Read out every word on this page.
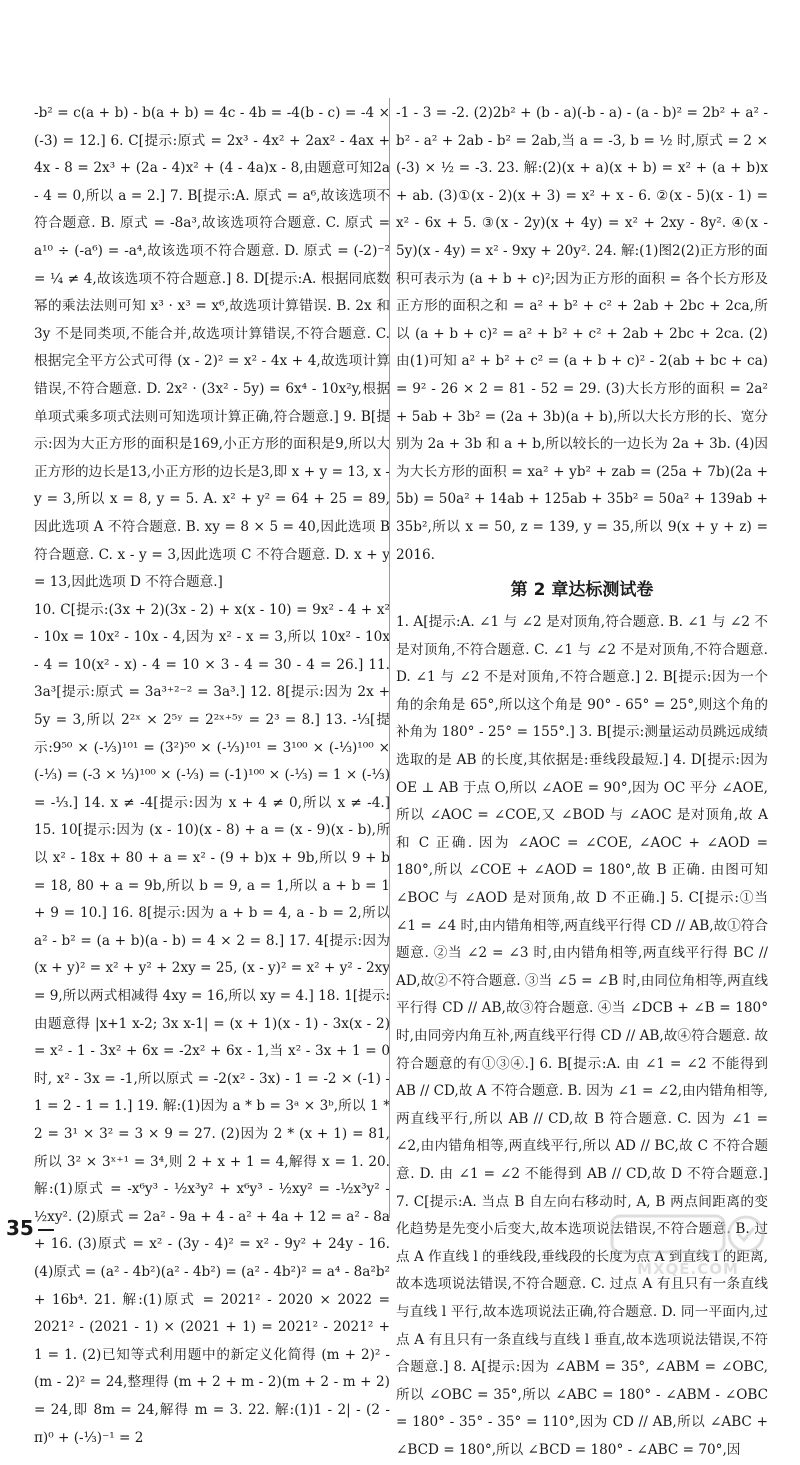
-b² = c(a + b) - b(a + b) = 4c - 4b = -4(b - c) = -4 × (-3) = 12.] 6. C[提示:原式 = 2x³ - 4x² + 2ax² - 4ax + 4x - 8 = 2x³ + (2a - 4)x² + (4 - 4a)x - 8,由题意可知2a - 4 = 0,所以 a = 2.] 7. B[提示:A. 原式 = a⁶,故该选项不符合题意. B. 原式 = -8a³,故该选项符合题意. C. 原式 = a¹⁰ ÷ (-a⁶) = -a⁴,故该选项不符合题意. D. 原式 = (-2)⁻² = ¼ ≠ 4,故该选项不符合题意.] 8. D[提示:A. 根据同底数幂的乘法法则可知 x³ · x³ = x⁶,故选项计算错误. B. 2x 和 3y 不是同类项,不能合并,故选项计算错误,不符合题意. C. 根据完全平方公式可得 (x - 2)² = x² - 4x + 4,故选项计算错误,不符合题意. D. 2x² · (3x² - 5y) = 6x⁴ - 10x²y,根据单项式乘多项式法则可知选项计算正确,符合题意.] 9. B[提示:因为大正方形的面积是169,小正方形的面积是9,所以大正方形的边长是13,小正方形的边长是3,即 x + y = 13, x - y = 3,所以 x = 8, y = 5. A. x² + y² = 64 + 25 = 89,因此选项 A 不符合题意. B. xy = 8 × 5 = 40,因此选项 B 符合题意. C. x - y = 3,因此选项 C 不符合题意. D. x + y = 13,因此选项 D 不符合题意.]

10. C[提示:(3x + 2)(3x - 2) + x(x - 10) = 9x² - 4 + x² - 10x = 10x² - 10x - 4,因为 x² - x = 3,所以 10x² - 10x - 4 = 10(x² - x) - 4 = 10 × 3 - 4 = 30 - 4 = 26.] 11. 3a³[提示:原式 = 3a³⁺²⁻² = 3a³.] 12. 8[提示:因为 2x + 5y = 3,所以 2²ˣ × 2⁵ʸ = 2²ˣ⁺⁵ʸ = 2³ = 8.] 13. -⅓[提示:9⁵⁰ × (-⅓)¹⁰¹ = (3²)⁵⁰ × (-⅓)¹⁰¹ = 3¹⁰⁰ × (-⅓)¹⁰⁰ × (-⅓) = (-3 × ⅓)¹⁰⁰ × (-⅓) = (-1)¹⁰⁰ × (-⅓) = 1 × (-⅓) = -⅓.] 14. x ≠ -4[提示:因为 x + 4 ≠ 0,所以 x ≠ -4.] 15. 10[提示:因为 (x - 10)(x - 8) + a = (x - 9)(x - b),所以 x² - 18x + 80 + a = x² - (9 + b)x + 9b,所以 9 + b = 18, 80 + a = 9b,所以 b = 9, a = 1,所以 a + b = 1 + 9 = 10.] 16. 8[提示:因为 a + b = 4, a - b = 2,所以 a² - b² = (a + b)(a - b) = 4 × 2 = 8.] 17. 4[提示:因为 (x + y)² = x² + y² + 2xy = 25, (x - y)² = x² + y² - 2xy = 9,所以两式相减得 4xy = 16,所以 xy = 4.] 18. 1[提示:由题意得 |x+1 x-2; 3x x-1| = (x + 1)(x - 1) - 3x(x - 2) = x² - 1 - 3x² + 6x = -2x² + 6x - 1,当 x² - 3x + 1 = 0 时, x² - 3x = -1,所以原式 = -2(x² - 3x) - 1 = -2 × (-1) - 1 = 2 - 1 = 1.] 19. 解:(1)因为 a * b = 3ᵃ × 3ᵇ,所以 1 * 2 = 3¹ × 3² = 3 × 9 = 27. (2)因为 2 * (x + 1) = 81,所以 3² × 3ˣ⁺¹ = 3⁴,则 2 + x + 1 = 4,解得 x = 1. 20. 解:(1)原式 = -x⁶y³ - ½x³y² + x⁶y³ - ½xy² = -½x³y² - ½xy². (2)原式 = 2a² - 9a + 4 - a² + 4a + 12 = a² - 8a + 16. (3)原式 = x² - (3y - 4)² = x² - 9y² + 24y - 16. (4)原式 = (a² - 4b²)(a² - 4b²) = (a² - 4b²)² = a⁴ - 8a²b² + 16b⁴. 21. 解:(1)原式 = 2021² - 2020 × 2022 = 2021² - (2021 - 1) × (2021 + 1) = 2021² - 2021² + 1 = 1. (2)已知等式利用题中的新定义化简得 (m + 2)² - (m - 2)² = 24,整理得 (m + 2 + m - 2)(m + 2 - m + 2) = 24,即 8m = 24,解得 m = 3. 22. 解:(1)1 - 2| - (2 - π)⁰ + (-⅓)⁻¹ = 2

-1 - 3 = -2. (2)2b² + (b - a)(-b - a) - (a - b)² = 2b² + a² - b² - a² + 2ab - b² = 2ab,当 a = -3, b = ½ 时,原式 = 2 × (-3) × ½ = -3. 23. 解:(2)(x + a)(x + b) = x² + (a + b)x + ab. (3)①(x - 2)(x + 3) = x² + x - 6. ②(x - 5)(x - 1) = x² - 6x + 5. ③(x - 2y)(x + 4y) = x² + 2xy - 8y². ④(x - 5y)(x - 4y) = x² - 9xy + 20y². 24. 解:(1)图2(2)正方形的面积可表示为 (a + b + c)²;因为正方形的面积 = 各个长方形及正方形的面积之和 = a² + b² + c² + 2ab + 2bc + 2ca,所以 (a + b + c)² = a² + b² + c² + 2ab + 2bc + 2ca. (2)由(1)可知 a² + b² + c² = (a + b + c)² - 2(ab + bc + ca) = 9² - 26 × 2 = 81 - 52 = 29. (3)大长方形的面积 = 2a² + 5ab + 3b² = (2a + 3b)(a + b),所以大长方形的长、宽分别为 2a + 3b 和 a + b,所以较长的一边长为 2a + 3b. (4)因为大长方形的面积 = xa² + yb² + zab = (25a + 7b)(2a + 5b) = 50a² + 14ab + 125ab + 35b² = 50a² + 139ab + 35b²,所以 x = 50, z = 139, y = 35,所以 9(x + y + z) = 2016.

第 2 章达标测试卷

1. A[提示:A. ∠1 与 ∠2 是对顶角,符合题意. B. ∠1 与 ∠2 不是对顶角,不符合题意. C. ∠1 与 ∠2 不是对顶角,不符合题意. D. ∠1 与 ∠2 不是对顶角,不符合题意.] 2. B[提示:因为一个角的余角是 65°,所以这个角是 90° - 65° = 25°,则这个角的补角为 180° - 25° = 155°.] 3. B[提示:测量运动员跳远成绩选取的是 AB 的长度,其依据是:垂线段最短.] 4. D[提示:因为 OE ⊥ AB 于点 O,所以 ∠AOE = 90°,因为 OC 平分 ∠AOE,所以 ∠AOC = ∠COE,又 ∠BOD 与 ∠AOC 是对顶角,故 A 和 C 正确. 因为 ∠AOC = ∠COE, ∠AOC + ∠AOD = 180°,所以 ∠COE + ∠AOD = 180°,故 B 正确. 由图可知 ∠BOC 与 ∠AOD 是对顶角,故 D 不正确.] 5. C[提示:①当 ∠1 = ∠4 时,由内错角相等,两直线平行得 CD // AB,故①符合题意. ②当 ∠2 = ∠3 时,由内错角相等,两直线平行得 BC // AD,故②不符合题意. ③当 ∠5 = ∠B 时,由同位角相等,两直线平行得 CD // AB,故③符合题意. ④当 ∠DCB + ∠B = 180° 时,由同旁内角互补,两直线平行得 CD // AB,故④符合题意. 故符合题意的有①③④.] 6. B[提示:A. 由 ∠1 = ∠2 不能得到 AB // CD,故 A 不符合题意. B. 因为 ∠1 = ∠2,由内错角相等,两直线平行,所以 AB // CD,故 B 符合题意. C. 因为 ∠1 = ∠2,由内错角相等,两直线平行,所以 AD // BC,故 C 不符合题意. D. 由 ∠1 = ∠2 不能得到 AB // CD,故 D 不符合题意.] 7. C[提示:A. 当点 B 自左向右移动时, A, B 两点间距离的变化趋势是先变小后变大,故本选项说法错误,不符合题意. B. 过点 A 作直线 l 的垂线段,垂线段的长度为点 A 到直线 l 的距离,故本选项说法错误,不符合题意. C. 过点 A 有且只有一条直线与直线 l 平行,故本选项说法正确,符合题意. D. 同一平面内,过点 A 有且只有一条直线与直线 l 垂直,故本选项说法错误,不符合题意.] 8. A[提示:因为 ∠ABM = 35°, ∠ABM = ∠OBC,所以 ∠OBC = 35°,所以 ∠ABC = 180° - ∠ABM - ∠OBC = 180° - 35° - 35° = 110°,因为 CD // AB,所以 ∠ABC + ∠BCD = 180°,所以 ∠BCD = 180° - ∠ABC = 70°,因

35
MXQE.COM
